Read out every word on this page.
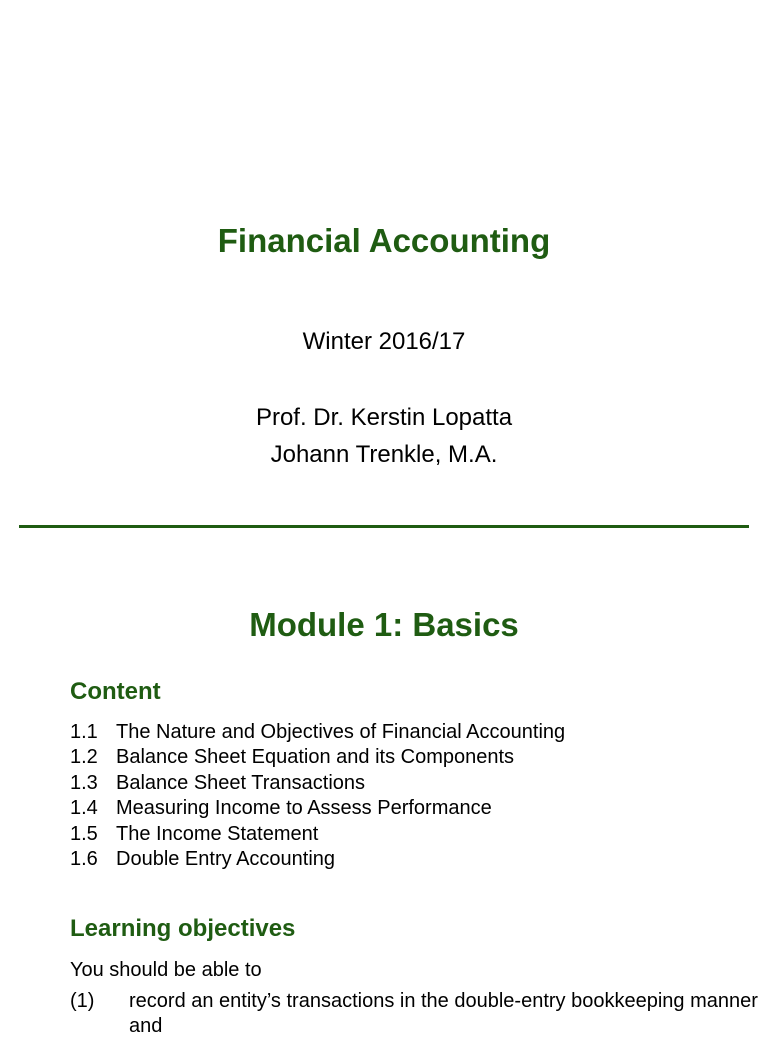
Financial Accounting
Winter 2016/17
Prof. Dr. Kerstin Lopatta
Johann Trenkle, M.A.
Module 1: Basics
Content
1.1 The Nature and Objectives of Financial Accounting
1.2 Balance Sheet Equation and its Components
1.3 Balance Sheet Transactions
1.4 Measuring Income to Assess Performance
1.5 The Income Statement
1.6 Double Entry Accounting
Learning objectives
You should be able to
(1)	record an entity’s transactions in the double-entry bookkeeping manner and
